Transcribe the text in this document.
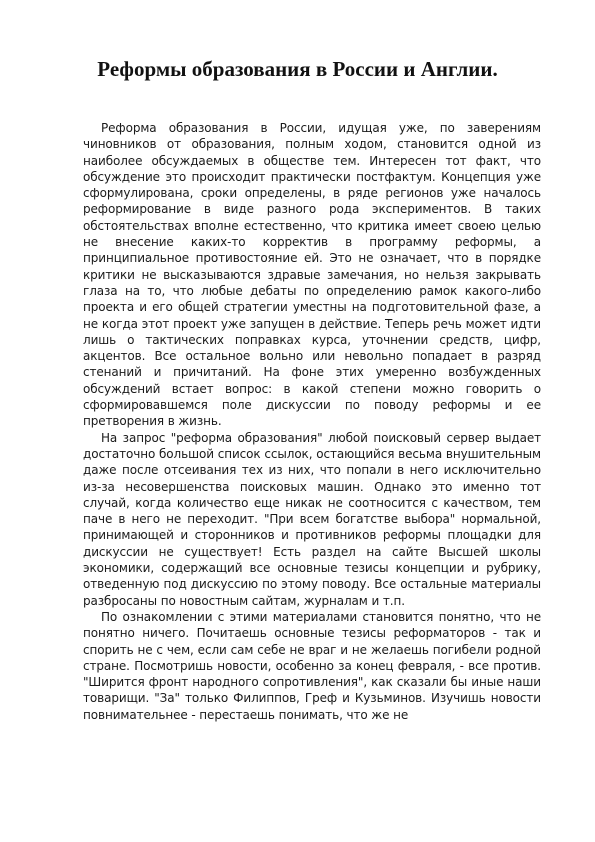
Реформы образования в России и Англии.

Реформа образования в России, идущая уже, по заверениям чиновников от образования, полным ходом, становится одной из наиболее обсуждаемых в обществе тем. Интересен тот факт, что обсуждение это происходит практически постфактум. Концепция уже сформулирована, сроки определены, в ряде регионов уже началось реформирование в виде разного рода экспериментов. В таких обстоятельствах вполне естественно, что критика имеет своею целью не внесение каких-то корректив в программу реформы, а принципиальное противостояние ей. Это не означает, что в порядке критики не высказываются здравые замечания, но нельзя закрывать глаза на то, что любые дебаты по определению рамок какого-либо проекта и его общей стратегии уместны на подготовительной фазе, а не когда этот проект уже запущен в действие. Теперь речь может идти лишь о тактических поправках курса, уточнении средств, цифр, акцентов. Все остальное вольно или невольно попадает в разряд стенаний и причитаний. На фоне этих умеренно возбужденных обсуждений встает вопрос: в какой степени можно говорить о сформировавшемся поле дискуссии по поводу реформы и ее претворения в жизнь.

На запрос "реформа образования" любой поисковый сервер выдает достаточно большой список ссылок, остающийся весьма внушительным даже после отсеивания тех из них, что попали в него исключительно из-за несовершенства поисковых машин. Однако это именно тот случай, когда количество еще никак не соотносится с качеством, тем паче в него не переходит. "При всем богатстве выбора" нормальной, принимающей и сторонников и противников реформы площадки для дискуссии не существует! Есть раздел на сайте Высшей школы экономики, содержащий все основные тезисы концепции и рубрику, отведенную под дискуссию по этому поводу. Все остальные материалы разбросаны по новостным сайтам, журналам и т.п.

По ознакомлении с этими материалами становится понятно, что не понятно ничего. Почитаешь основные тезисы реформаторов - так и спорить не с чем, если сам себе не враг и не желаешь погибели родной стране. Посмотришь новости, особенно за конец февраля, - все против. "Ширится фронт народного сопротивления", как сказали бы иные наши товарищи. "За" только Филиппов, Греф и Кузьминов. Изучишь новости повнимательнее - перестаешь понимать, что же не
